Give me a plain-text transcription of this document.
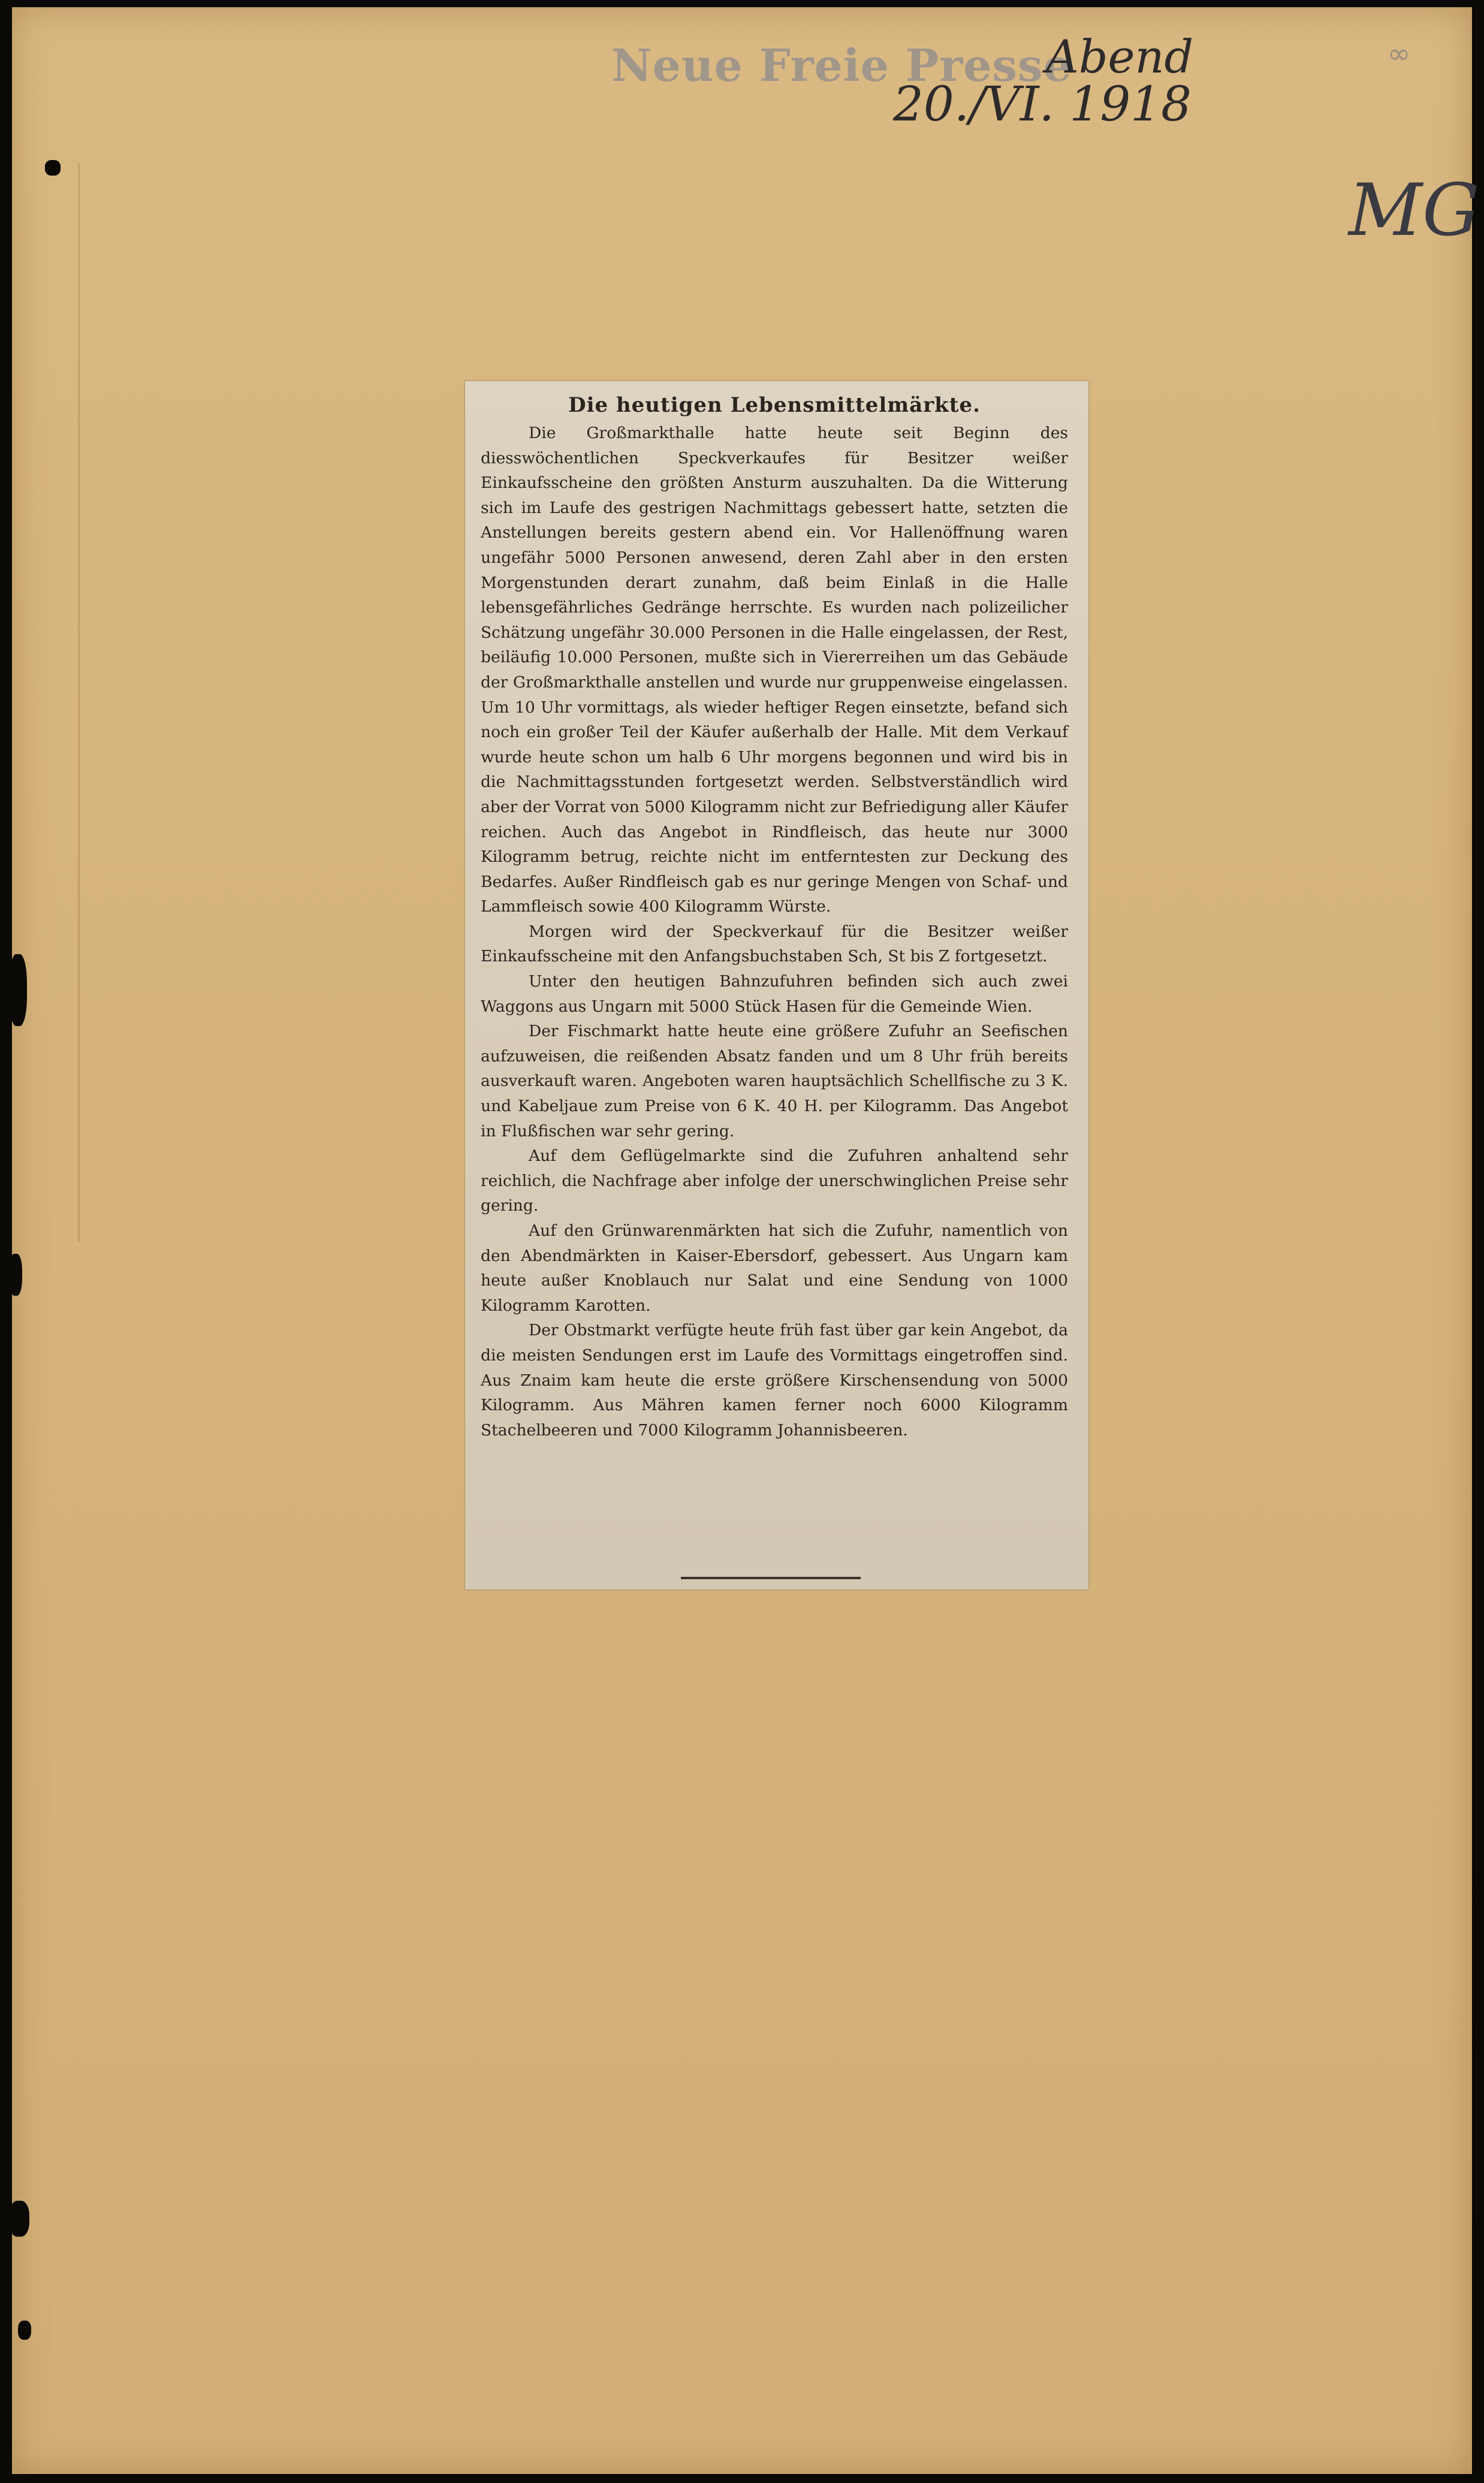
Neue Freie Presse
Abend
20./VI. 1918
MG
∞
Die heutigen Lebensmittelmärkte.

Die Großmarkthalle hatte heute seit Beginn des diesswöchentlichen Speckverkaufes für Besitzer weißer Einkaufsscheine den größten Ansturm auszuhalten. Da die Witterung sich im Laufe des gestrigen Nachmittags gebessert hatte, setzten die Anstellungen bereits gestern abend ein. Vor Hallenöffnung waren ungefähr 5000 Personen anwesend, deren Zahl aber in den ersten Morgenstunden derart zunahm, daß beim Einlaß in die Halle lebensgefährliches Gedränge herrschte. Es wurden nach polizeilicher Schätzung ungefähr 30.000 Personen in die Halle eingelassen, der Rest, beiläufig 10.000 Personen, mußte sich in Viererreihen um das Gebäude der Großmarkthalle anstellen und wurde nur gruppenweise eingelassen. Um 10 Uhr vormittags, als wieder heftiger Regen einsetzte, befand sich noch ein großer Teil der Käufer außerhalb der Halle. Mit dem Verkauf wurde heute schon um halb 6 Uhr morgens begonnen und wird bis in die Nachmittagsstunden fortgesetzt werden. Selbstverständlich wird aber der Vorrat von 5000 Kilogramm nicht zur Befriedigung aller Käufer reichen. Auch das Angebot in Rindfleisch, das heute nur 3000 Kilogramm betrug, reichte nicht im entferntesten zur Deckung des Bedarfes. Außer Rindfleisch gab es nur geringe Mengen von Schaf- und Lammfleisch sowie 400 Kilogramm Würste.

Morgen wird der Speckverkauf für die Besitzer weißer Einkaufsscheine mit den Anfangsbuchstaben Sch, St bis Z fortgesetzt.

Unter den heutigen Bahnzufuhren befinden sich auch zwei Waggons aus Ungarn mit 5000 Stück Hasen für die Gemeinde Wien.

Der Fischmarkt hatte heute eine größere Zufuhr an Seefischen aufzuweisen, die reißenden Absatz fanden und um 8 Uhr früh bereits ausverkauft waren. Angeboten waren hauptsächlich Schellfische zu 3 K. und Kabeljaue zum Preise von 6 K. 40 H. per Kilogramm. Das Angebot in Flußfischen war sehr gering.

Auf dem Geflügelmarkte sind die Zufuhren anhaltend sehr reichlich, die Nachfrage aber infolge der unerschwinglichen Preise sehr gering.

Auf den Grünwarenmärkten hat sich die Zufuhr, namentlich von den Abendmärkten in Kaiser-Ebersdorf, gebessert. Aus Ungarn kam heute außer Knoblauch nur Salat und eine Sendung von 1000 Kilogramm Karotten.

Der Obstmarkt verfügte heute früh fast über gar kein Angebot, da die meisten Sendungen erst im Laufe des Vormittags eingetroffen sind. Aus Znaim kam heute die erste größere Kirschensendung von 5000 Kilogramm. Aus Mähren kamen ferner noch 6000 Kilogramm Stachelbeeren und 7000 Kilogramm Johannisbeeren.
